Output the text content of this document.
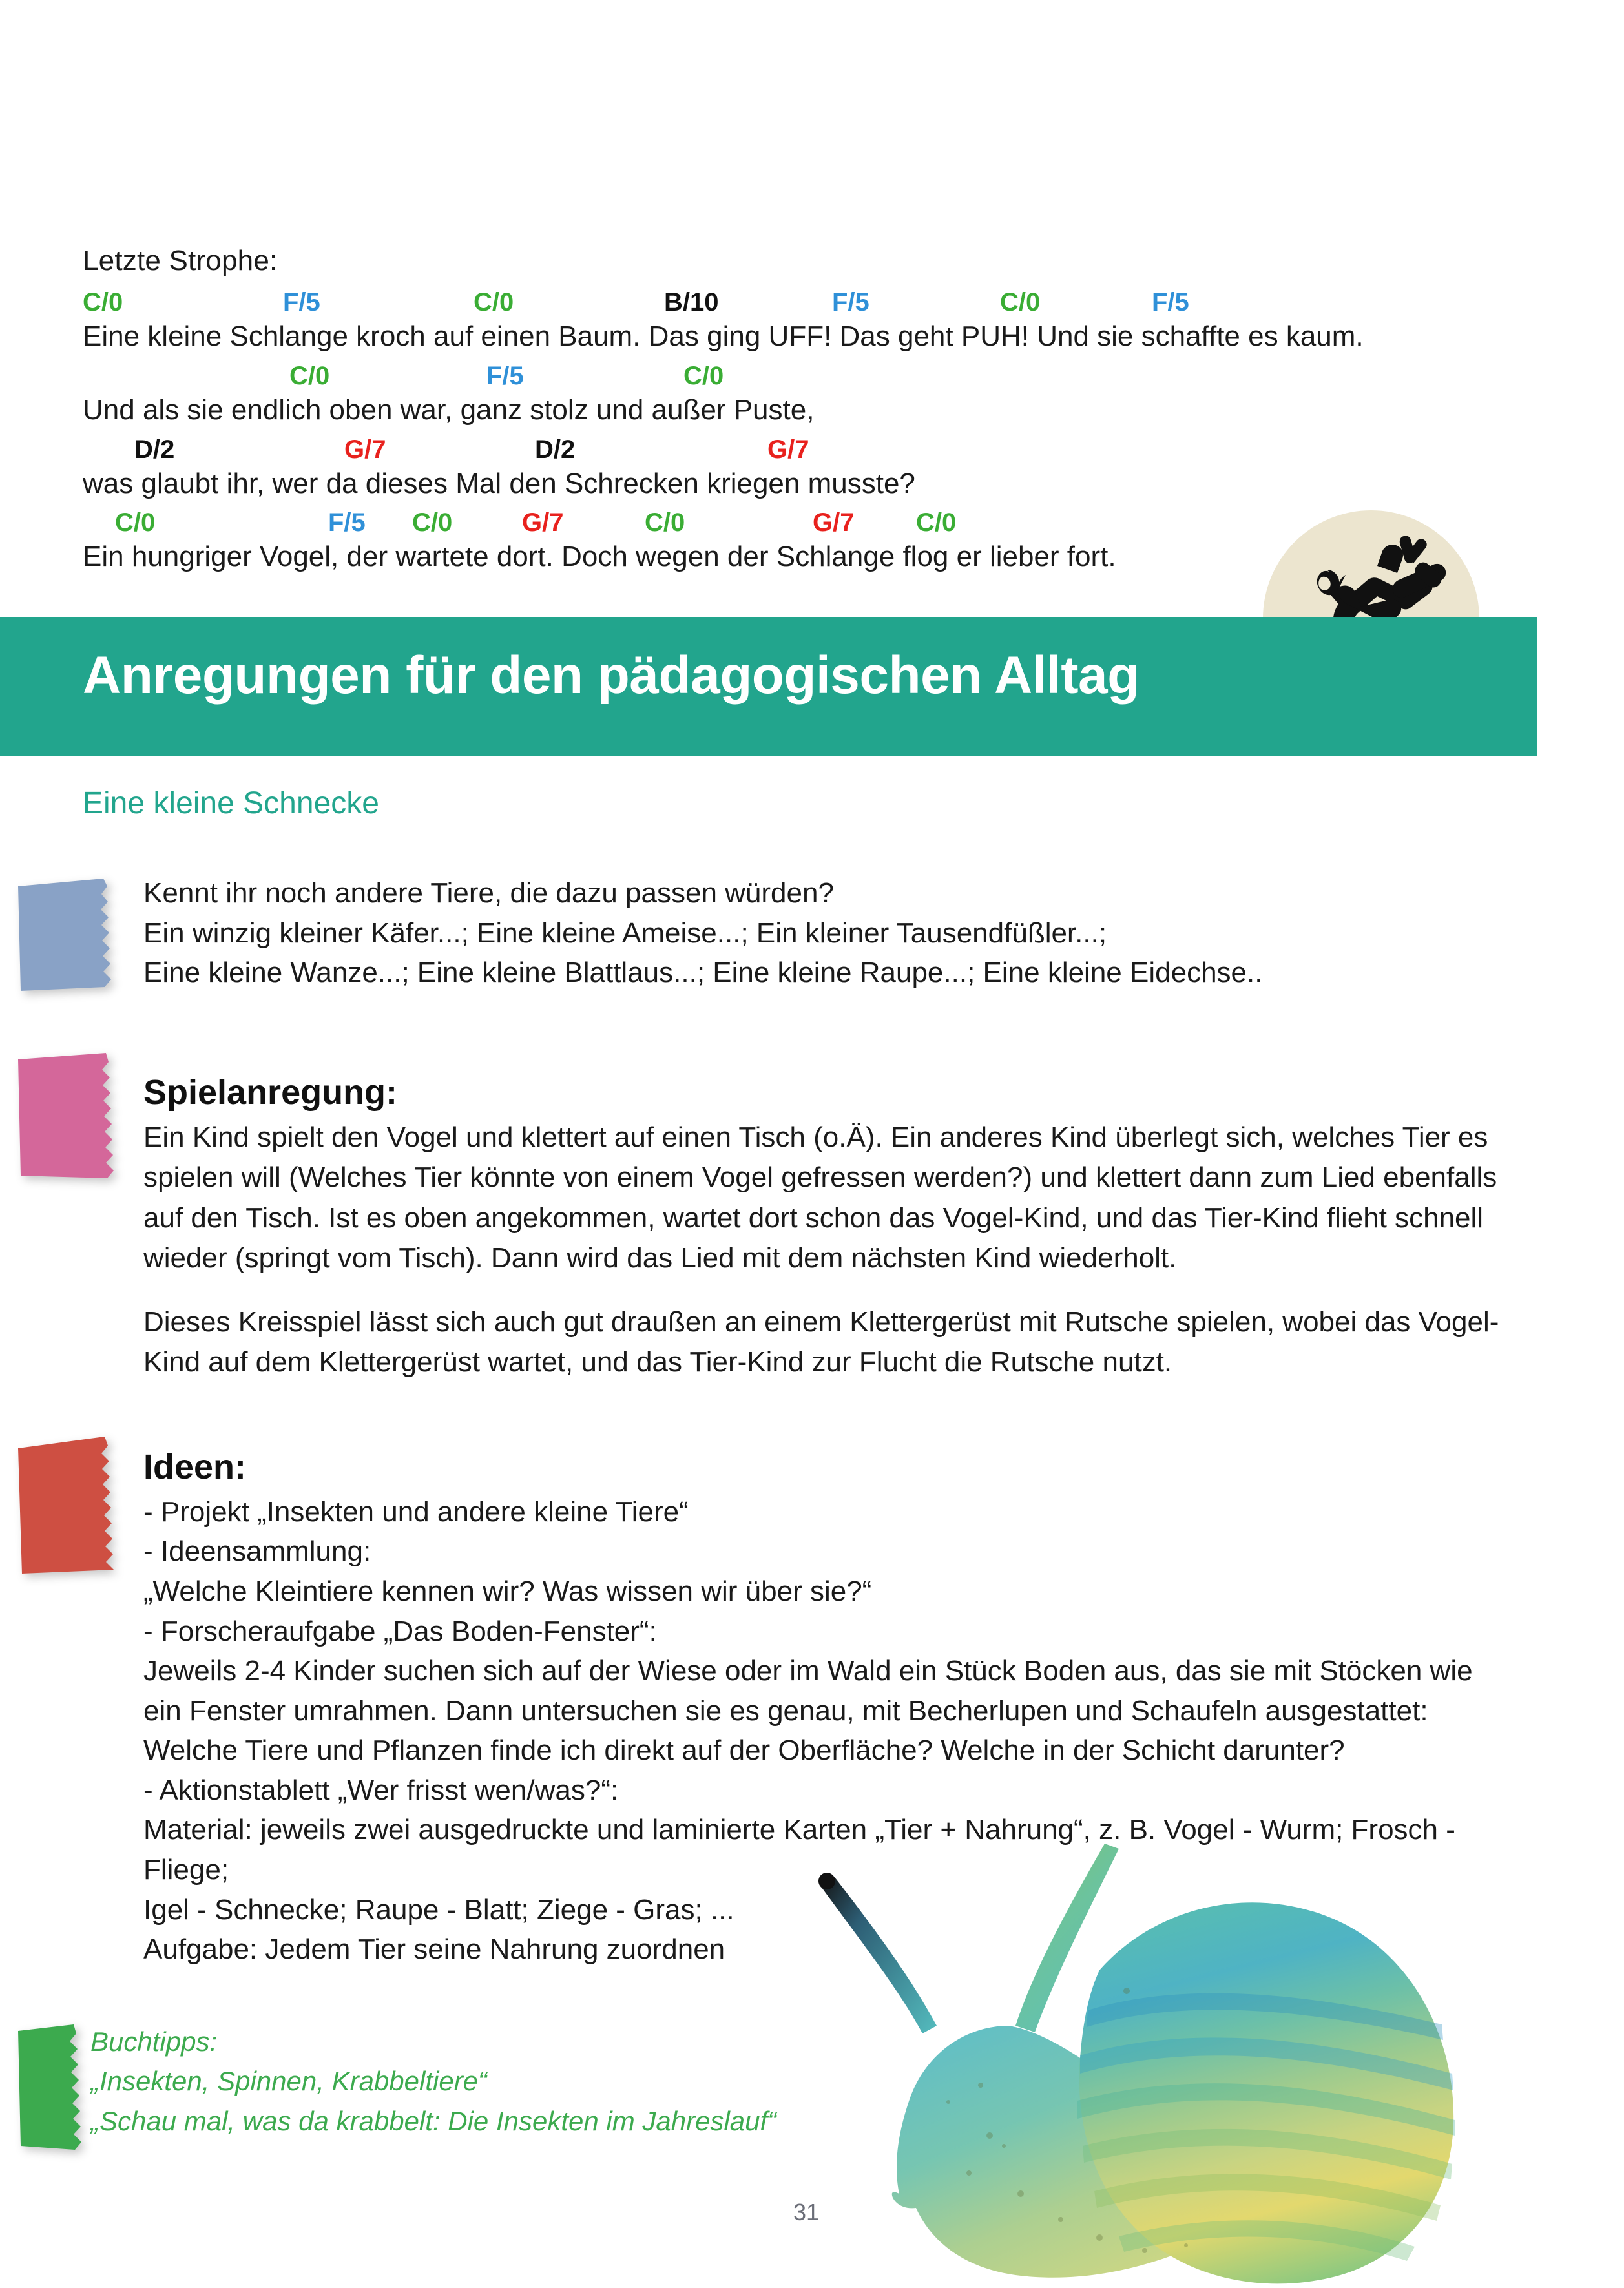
Letzte Strophe:
C/0	F/5	C/0	B/10	F/5	C/0	F/5
Eine kleine Schlange kroch auf einen Baum. Das ging UFF! Das geht PUH! Und sie schaffte es kaum.
C/0	F/5	C/0
Und als sie endlich oben war, ganz stolz und außer Puste,
D/2	G/7	D/2	G/7
was glaubt ihr, wer da dieses Mal den Schrecken kriegen musste?
C/0	F/5 C/0	G/7	C/0	G/7 C/0
Ein hungriger Vogel, der wartete dort. Doch wegen der Schlange flog er lieber fort.
Anregungen für den pädagogischen Alltag
Eine kleine Schnecke

Kennt ihr noch andere Tiere, die dazu passen würden?

Ein winzig kleiner Käfer...; Eine kleine Ameise...; Ein kleiner Tausendfüßler...;

Eine kleine Wanze...; Eine kleine Blattlaus...; Eine kleine Raupe...; Eine kleine Eidechse..

Spielanregung:

Ein Kind spielt den Vogel und klettert auf einen Tisch (o.Ä). Ein anderes Kind überlegt sich, welches Tier es spielen will (Welches Tier könnte von einem Vogel gefressen werden?) und klettert dann zum Lied ebenfalls auf den Tisch. Ist es oben angekommen, wartet dort schon das Vogel-Kind, und das Tier-Kind flieht schnell wieder (springt vom Tisch). Dann wird das Lied mit dem nächsten Kind wiederholt.

Dieses Kreisspiel lässt sich auch gut draußen an einem Klettergerüst mit Rutsche spielen, wobei das Vogel-Kind auf dem Klettergerüst wartet, und das Tier-Kind zur Flucht die Rutsche nutzt.

Ideen:

- Projekt „Insekten und andere kleine Tiere“

- Ideensammlung:

„Welche Kleintiere kennen wir? Was wissen wir über sie?“

- Forscheraufgabe „Das Boden-Fenster“:

Jeweils 2-4 Kinder suchen sich auf der Wiese oder im Wald ein Stück Boden aus, das sie mit Stöcken wie

ein Fenster umrahmen. Dann untersuchen sie es genau, mit Becherlupen und Schaufeln ausgestattet:

Welche Tiere und Pflanzen finde ich direkt auf der Oberfläche? Welche in der Schicht darunter?

- Aktionstablett „Wer frisst wen/was?“:

Material: jeweils zwei ausgedruckte und laminierte Karten „Tier + Nahrung“, z. B. Vogel - Wurm; Frosch - Fliege;

Igel - Schnecke; Raupe - Blatt; Ziege - Gras; ...

Aufgabe: Jedem Tier seine Nahrung zuordnen

Buchtipps:

„Insekten, Spinnen, Krabbeltiere“

„Schau mal, was da krabbelt: Die Insekten im Jahreslauf“

31
